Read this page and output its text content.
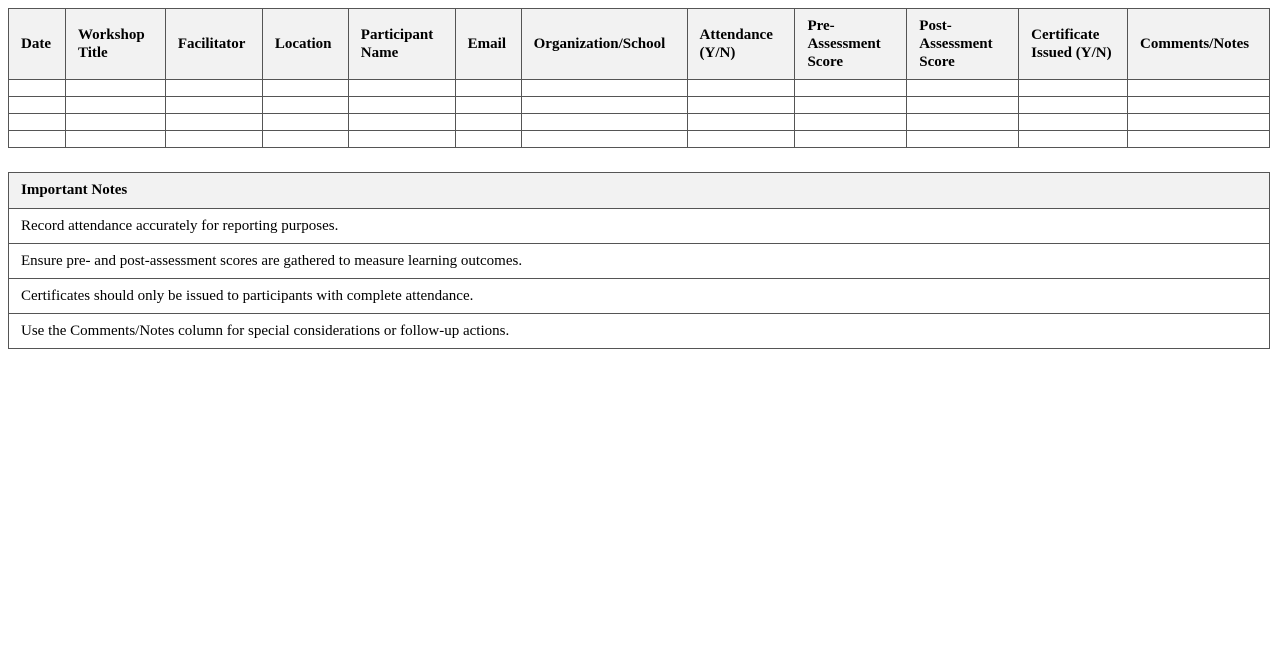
Date	Workshop Title	Facilitator	Location	Participant Name	Email	Organization/School	Attendance (Y/N)	Pre-Assessment Score	Post-Assessment Score	Certificate Issued (Y/N)	Comments/Notes

Important Notes
Record attendance accurately for reporting purposes.
Ensure pre- and post-assessment scores are gathered to measure learning outcomes.
Certificates should only be issued to participants with complete attendance.
Use the Comments/Notes column for special considerations or follow-up actions.
